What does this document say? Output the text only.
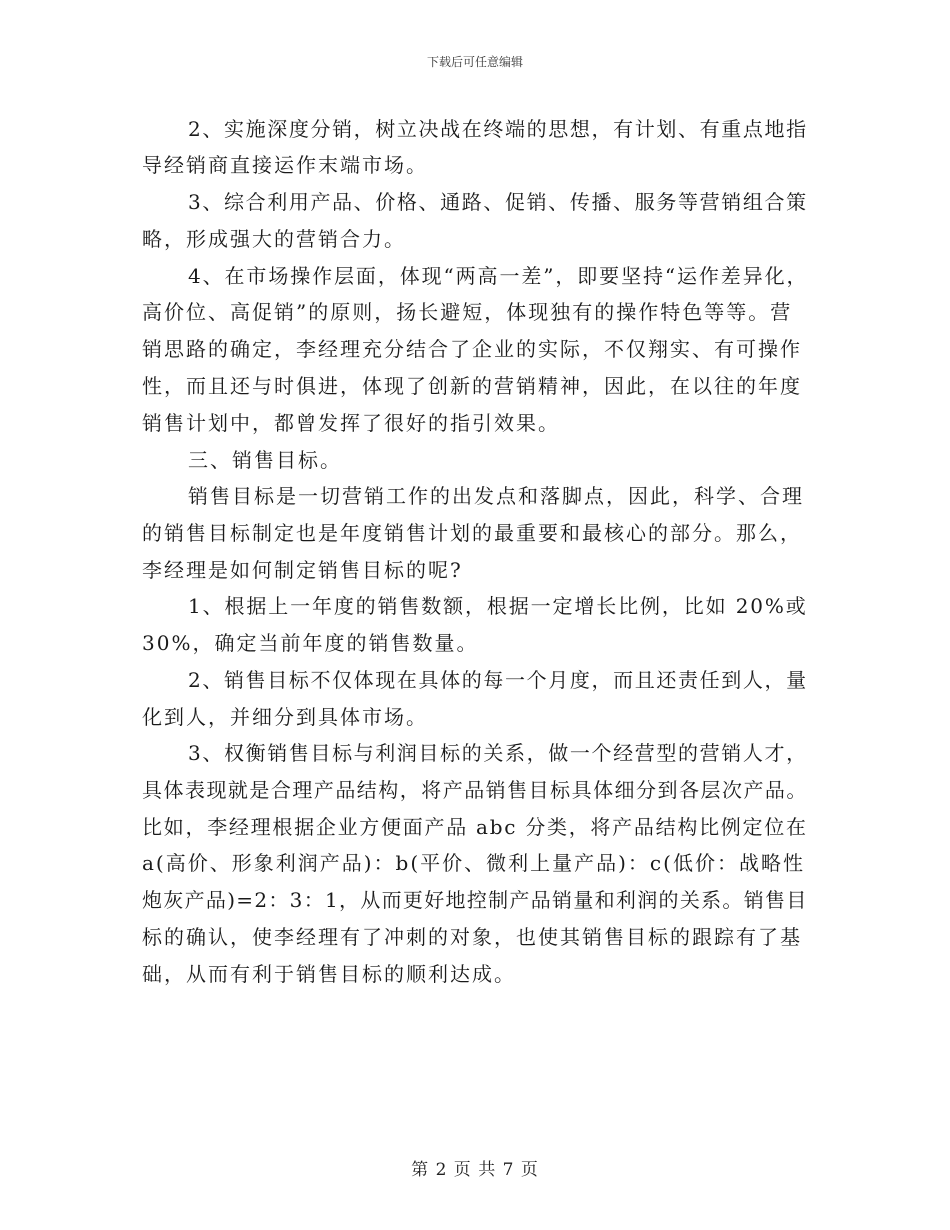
下载后可任意编辑
2、实施深度分销，树立决战在终端的思想，有计划、有重点地指
导经销商直接运作末端市场。
3、综合利用产品、价格、通路、促销、传播、服务等营销组合策
略，形成强大的营销合力。
4、在市场操作层面，体现“两高一差”，即要坚持“运作差异化，
高价位、高促销”的原则，扬长避短，体现独有的操作特色等等。营
销思路的确定，李经理充分结合了企业的实际，不仅翔实、有可操作
性，而且还与时俱进，体现了创新的营销精神，因此，在以往的年度
销售计划中，都曾发挥了很好的指引效果。
三、销售目标。
销售目标是一切营销工作的出发点和落脚点，因此，科学、合理
的销售目标制定也是年度销售计划的最重要和最核心的部分。那么，
李经理是如何制定销售目标的呢?
1、根据上一年度的销售数额，根据一定增长比例，比如 20%或
30%，确定当前年度的销售数量。
2、销售目标不仅体现在具体的每一个月度，而且还责任到人，量
化到人，并细分到具体市场。
3、权衡销售目标与利润目标的关系，做一个经营型的营销人才，
具体表现就是合理产品结构，将产品销售目标具体细分到各层次产品。
比如，李经理根据企业方便面产品 abc 分类，将产品结构比例定位在
a(高价、形象利润产品)：b(平价、微利上量产品)：c(低价：战略性
炮灰产品)=2：3：1，从而更好地控制产品销量和利润的关系。销售目
标的确认，使李经理有了冲刺的对象，也使其销售目标的跟踪有了基
础，从而有利于销售目标的顺利达成。
第 2 页 共 7 页
